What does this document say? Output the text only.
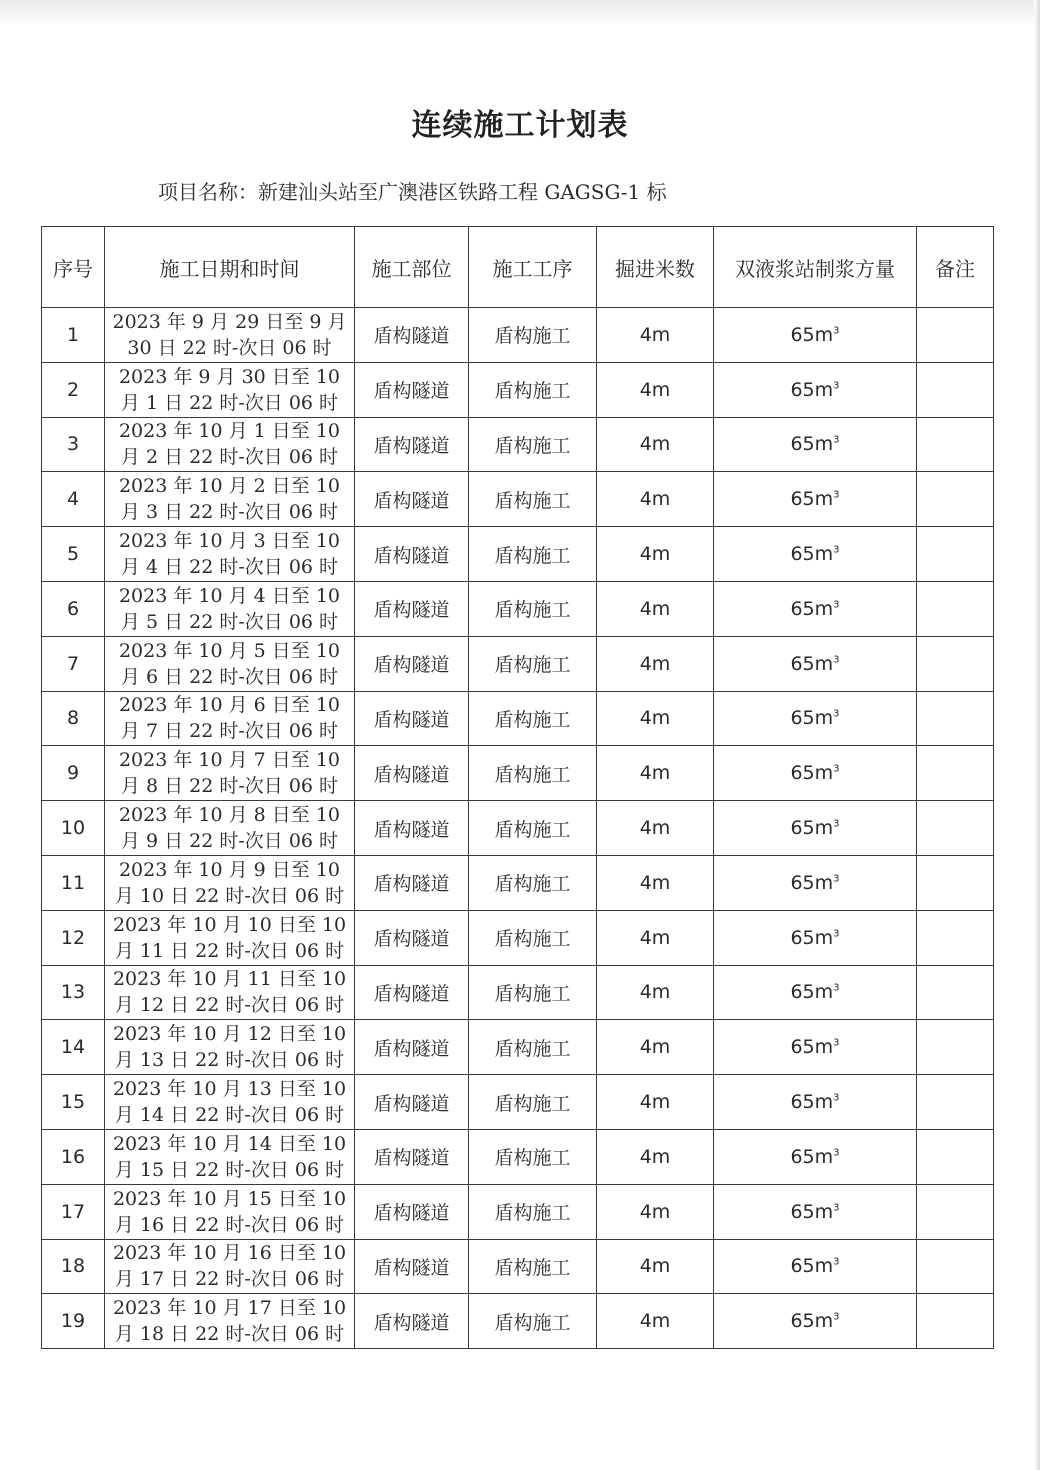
连续施工计划表
项目名称：新建汕头站至广澳港区铁路工程 GAGSG-1 标
序号	施工日期和时间	施工部位	施工工序	掘进米数	双液浆站制浆方量	备注
1	2023 年 9 月 29 日至 9 月
30 日 22 时-次日 06 时	盾构隧道	盾构施工	4m	$65m^3$	
2	2023 年 9 月 30 日至 10
月 1 日 22 时-次日 06 时	盾构隧道	盾构施工	4m	$65m^3$	
3	2023 年 10 月 1 日至 10
月 2 日 22 时-次日 06 时	盾构隧道	盾构施工	4m	$65m^3$	
4	2023 年 10 月 2 日至 10
月 3 日 22 时-次日 06 时	盾构隧道	盾构施工	4m	$65m^3$	
5	2023 年 10 月 3 日至 10
月 4 日 22 时-次日 06 时	盾构隧道	盾构施工	4m	$65m^3$	
6	2023 年 10 月 4 日至 10
月 5 日 22 时-次日 06 时	盾构隧道	盾构施工	4m	$65m^3$	
7	2023 年 10 月 5 日至 10
月 6 日 22 时-次日 06 时	盾构隧道	盾构施工	4m	$65m^3$	
8	2023 年 10 月 6 日至 10
月 7 日 22 时-次日 06 时	盾构隧道	盾构施工	4m	$65m^3$	
9	2023 年 10 月 7 日至 10
月 8 日 22 时-次日 06 时	盾构隧道	盾构施工	4m	$65m^3$	
10	2023 年 10 月 8 日至 10
月 9 日 22 时-次日 06 时	盾构隧道	盾构施工	4m	$65m^3$	
11	2023 年 10 月 9 日至 10
月 10 日 22 时-次日 06 时	盾构隧道	盾构施工	4m	$65m^3$	
12	2023 年 10 月 10 日至 10
月 11 日 22 时-次日 06 时	盾构隧道	盾构施工	4m	$65m^3$	
13	2023 年 10 月 11 日至 10
月 12 日 22 时-次日 06 时	盾构隧道	盾构施工	4m	$65m^3$	
14	2023 年 10 月 12 日至 10
月 13 日 22 时-次日 06 时	盾构隧道	盾构施工	4m	$65m^3$	
15	2023 年 10 月 13 日至 10
月 14 日 22 时-次日 06 时	盾构隧道	盾构施工	4m	$65m^3$	
16	2023 年 10 月 14 日至 10
月 15 日 22 时-次日 06 时	盾构隧道	盾构施工	4m	$65m^3$	
17	2023 年 10 月 15 日至 10
月 16 日 22 时-次日 06 时	盾构隧道	盾构施工	4m	$65m^3$	
18	2023 年 10 月 16 日至 10
月 17 日 22 时-次日 06 时	盾构隧道	盾构施工	4m	$65m^3$	
19	2023 年 10 月 17 日至 10
月 18 日 22 时-次日 06 时	盾构隧道	盾构施工	4m	$65m^3$	
